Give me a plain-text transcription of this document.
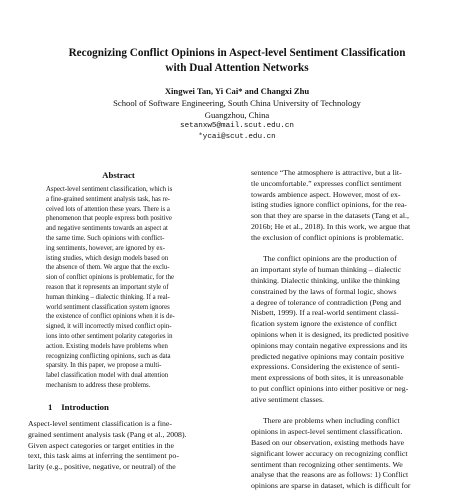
Recognizing Conflict Opinions in Aspect-level Sentiment Classification
with Dual Attention Networks
Xingwei Tan, Yi Cai* and Changxi Zhu
School of Software Engineering, South China University of Technology
Guangzhou, China
setanxw5@mail.scut.edu.cn
*ycai@scut.edu.cn
Abstract
Aspect-level sentiment classification, which is
a fine-grained sentiment analysis task, has re-
ceived lots of attention these years. There is a
phenomenon that people express both positive
and negative sentiments towards an aspect at
the same time. Such opinions with conflict-
ing sentiments, however, are ignored by ex-
isting studies, which design models based on
the absence of them. We argue that the exclu-
sion of conflict opinions is problematic, for the
reason that it represents an important style of
human thinking – dialectic thinking. If a real-
world sentiment classification system ignores
the existence of conflict opinions when it is de-
signed, it will incorrectly mixed conflict opin-
ions into other sentiment polarity categories in
action. Existing models have problems when
recognizing conflicting opinions, such as data
sparsity. In this paper, we propose a multi-
label classification model with dual attention
mechanism to address these problems.
1 Introduction
Aspect-level sentiment classification is a fine-
grained sentiment analysis task (Pang et al., 2008).
Given aspect categories or target entities in the
text, this task aims at inferring the sentiment po-
larity (e.g., positive, negative, or neutral) of the
sentence “The atmosphere is attractive, but a lit-
tle uncomfortable.” expresses conflict sentiment
towards ambience aspect. However, most of ex-
isting studies ignore conflict opinions, for the rea-
son that they are sparse in the datasets (Tang et al.,
2016b; He et al., 2018). In this work, we argue that
the exclusion of conflict opinions is problematic.
The conflict opinions are the production of
an important style of human thinking – dialectic
thinking. Dialectic thinking, unlike the thinking
constrained by the laws of formal logic, shows
a degree of tolerance of contradiction (Peng and
Nisbett, 1999). If a real-world sentiment classi-
fication system ignore the existence of conflict
opinions when it is designed, its predicted positive
opinions may contain negative expressions and its
predicted negative opinions may contain positive
expressions. Considering the existence of senti-
ment expressions of both sites, it is unreasonable
to put conflict opinions into either positive or neg-
ative sentiment classes.
There are problems when including conflict
opinions in aspect-level sentiment classification.
Based on our observation, existing methods have
significant lower accuracy on recognizing conflict
sentiment than recognizing other sentiments. We
analyse that the reasons are as follows: 1) Conflict
opinions are sparse in dataset, which is difficult for
